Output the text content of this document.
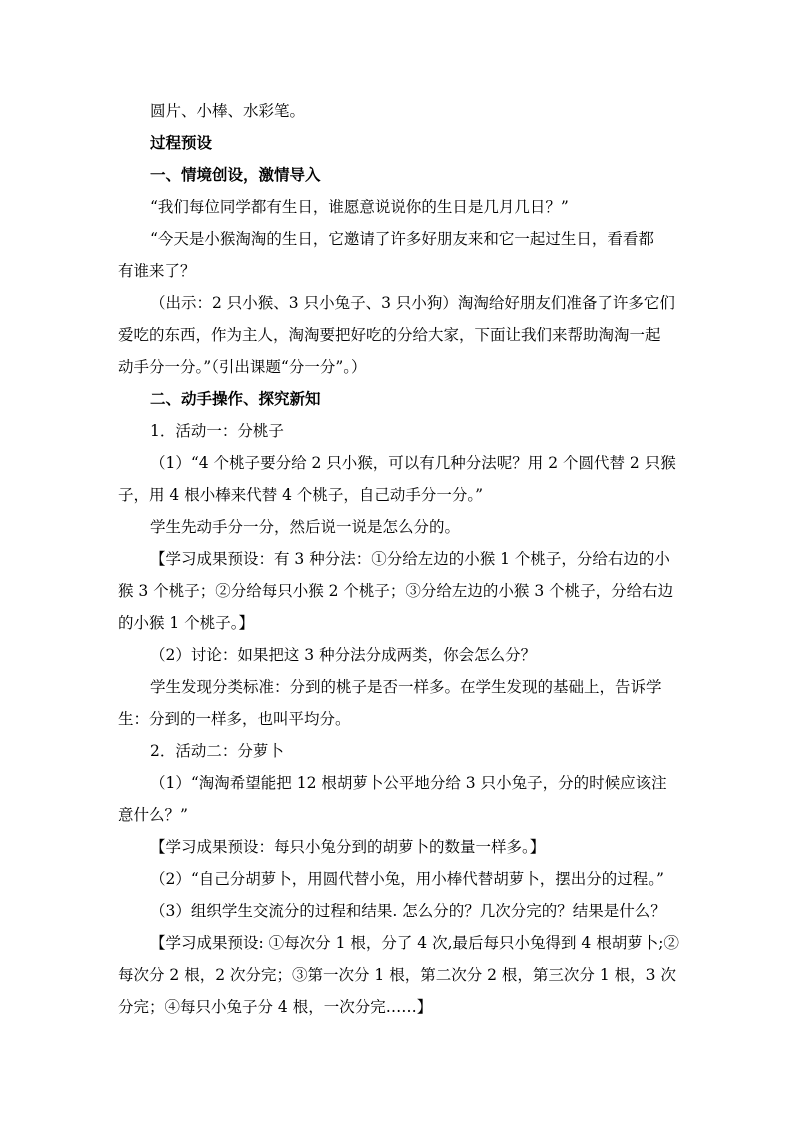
圆片、小棒、水彩笔。
过程预设
一、情境创设，激情导入
“我们每位同学都有生日，谁愿意说说你的生日是几月几日？”
“今天是小猴淘淘的生日，它邀请了许多好朋友来和它一起过生日，看看都
有谁来了？
（出示：2 只小猴、3 只小兔子、3 只小狗）淘淘给好朋友们准备了许多它们
爱吃的东西，作为主人，淘淘要把好吃的分给大家，下面让我们来帮助淘淘一起
动手分一分。”（引出课题“分一分”。）
二、动手操作、探究新知
1．活动一：分桃子
（1）“4 个桃子要分给 2 只小猴，可以有几种分法呢？用 2 个圆代替 2 只猴
子，用 4 根小棒来代替 4 个桃子，自己动手分一分。”
学生先动手分一分，然后说一说是怎么分的。
【学习成果预设：有 3 种分法：①分给左边的小猴 1 个桃子，分给右边的小
猴 3 个桃子；②分给每只小猴 2 个桃子；③分给左边的小猴 3 个桃子，分给右边
的小猴 1 个桃子。】
（2）讨论：如果把这 3 种分法分成两类，你会怎么分？
学生发现分类标准：分到的桃子是否一样多。在学生发现的基础上，告诉学
生：分到的一样多，也叫平均分。
2．活动二：分萝卜
（1）“淘淘希望能把 12 根胡萝卜公平地分给 3 只小兔子，分的时候应该注
意什么？”
【学习成果预设：每只小兔分到的胡萝卜的数量一样多。】
（2）“自己分胡萝卜，用圆代替小兔，用小棒代替胡萝卜，摆出分的过程。”
（3）组织学生交流分的过程和结果. 怎么分的？几次分完的？结果是什么？
【学习成果预设: ①每次分 1 根，分了 4 次,最后每只小兔得到 4 根胡萝卜;②
每次分 2 根，2 次分完；③第一次分 1 根，第二次分 2 根，第三次分 1 根，3 次
分完；④每只小兔子分 4 根，一次分完……】
